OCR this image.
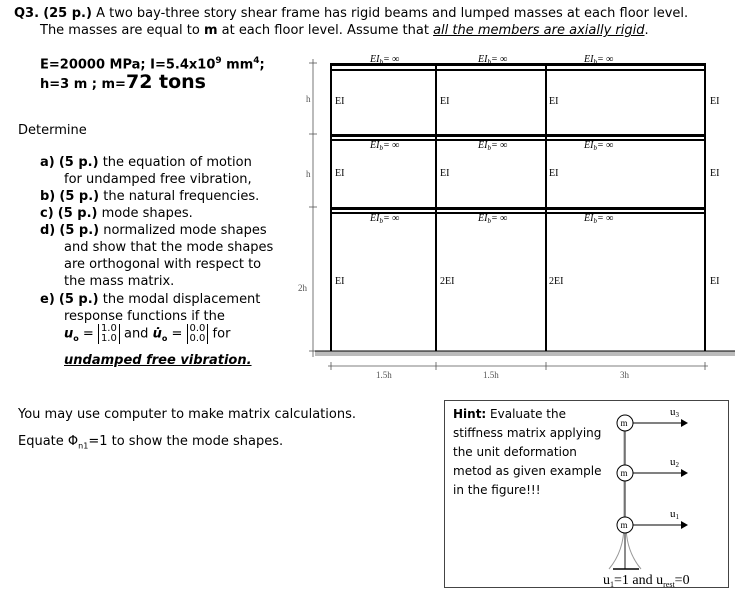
Q3. (25 p.) A two bay-three story shear frame has rigid beams and lumped masses at each floor level.
The masses are equal to m at each floor level. Assume that all the members are axially rigid.
E=20000 MPa; $I=5.4x10^9$ $mm^4$;
h=3 m ; m=72 tons
Determine
a) (5 p.) the equation of motion
for undamped free vibration,
b) (5 p.) the natural frequencies.
c) (5 p.) mode shapes.
d) (5 p.) normalized mode shapes
and show that the mode shapes
are orthogonal with respect to
the mass matrix.
e) (5 p.) the modal displacement
response functions if the
$u_o = 1.0$
1.0 and $u̇_o = 0.0$
0.0 for
undamped free vibration.
You may use computer to make matrix calculations.
Equate $\Phi_{n1}=1$ to show the mode shapes.
h
h
2h
$EI_b=$ ∞	$EI_b=$ ∞	$EI_b=$ ∞
$EI_b=$ ∞	$EI_b=$ ∞	$EI_b=$ ∞
$EI_b=$ ∞	$EI_b=$ ∞	$EI_b=$ ∞
EI	EI	EI	EI
EI	EI	EI	EI
EI	2EI	2EI	EI
1.5h	1.5h	3h
Hint: Evaluate the stiffness matrix applying the unit deformation metod as given example in the figure!!!
m
m
m
u3
u2
u1
$u_1=1$ and $u_{rest}=0$
